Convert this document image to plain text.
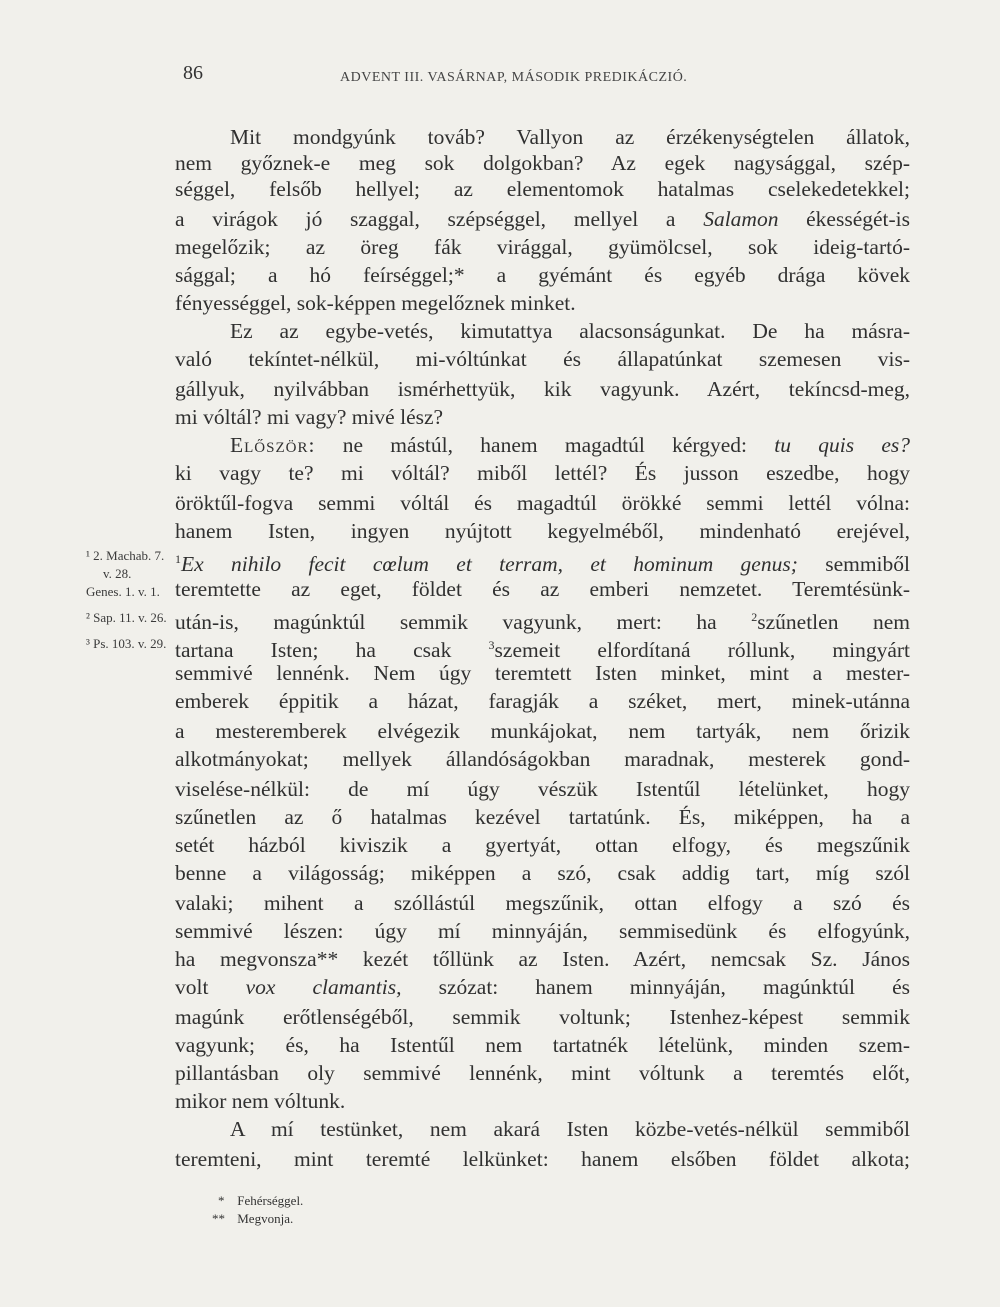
86	ADVENT III. VASÁRNAP, MÁSODIK PREDIKÁCZIÓ.
Mit mondgyúnk továb? Vallyon az érzékenységtelen állatok,
nem győznek-e meg sok dolgokban? Az egek nagysággal, szép-
séggel, felsőb hellyel; az elementomok hatalmas cselekedetekkel;
a virágok jó szaggal, szépséggel, mellyel a Salamon ékességét-is
megelőzik; az öreg fák virággal, gyümölcsel, sok ideig-tartó-
sággal; a hó feírséggel;* a gyémánt és egyéb drága kövek
fényességgel, sok-képpen megelőznek minket.
Ez az egybe-vetés, kimutattya alacsonságunkat. De ha másra-
való tekíntet-nélkül, mi-vóltúnkat és állapatúnkat szemesen vis-
gállyuk, nyilvábban ismérhettyük, kik vagyunk. Azért, tekíncsd-meg,
mi vóltál? mi vagy? mivé lész?
Először: ne mástúl, hanem magadtúl kérgyed: tu quis es?
ki vagy te? mi vóltál? miből lettél? És jusson eszedbe, hogy
öröktűl-fogva semmi vóltál és magadtúl örökké semmi lettél vólna:
hanem Isten, ingyen nyújtott kegyelméből, mindenható erejével,
$^1$Ex nihilo fecit cœlum et terram, et hominum genus; semmiből
teremtette az eget, földet és az emberi nemzetet. Teremtésünk-
után-is, magúnktúl semmik vagyunk, mert: ha	$^2$szűnetlen nem
tartana Isten; ha csak	$^3$szemeit elfordítaná róllunk, mingyárt
semmivé lennénk. Nem úgy teremtett Isten minket, mint a mester-
emberek éppitik a házat, faragják a széket, mert, minek-utánna
a mesteremberek elvégezik munkájokat, nem tartyák, nem őrizik
alkotmányokat; mellyek állandóságokban maradnak, mesterek gond-
viselése-nélkül: de mí úgy vészük Istentűl lételünket, hogy
szűnetlen az ő hatalmas kezével tartatúnk. És, miképpen, ha a
setét házból kiviszik a gyertyát, ottan elfogy, és megszűnik
benne a világosság; miképpen a szó, csak addig tart, míg szól
valaki; mihent a szóllástúl megszűnik, ottan elfogy a szó és
semmivé lészen: úgy mí minnyáján, semmisedünk és elfogyúnk,
ha megvonsza** kezét tőllünk az Isten. Azért, nemcsak Sz. János
volt vox clamantis, szózat: hanem minnyáján, magúnktúl és
magúnk erőtlenségéből, semmik voltunk; Istenhez-képest semmik
vagyunk; és, ha Istentűl nem tartatnék lételünk, minden szem-
pillantásban oly semmivé lennénk, mint vóltunk a teremtés előt,
mikor nem vóltunk.
A mí testünket, nem akará Isten közbe-vetés-nélkül semmiből
teremteni, mint teremté lelkünket: hanem elsőben földet alkota;
¹ 2. Machab. 7.
v. 28.
Genes. 1. v. 1.
² Sap. 11. v. 26.
³ Ps. 103. v. 29.
* Fehérséggel.
** Megvonja.
